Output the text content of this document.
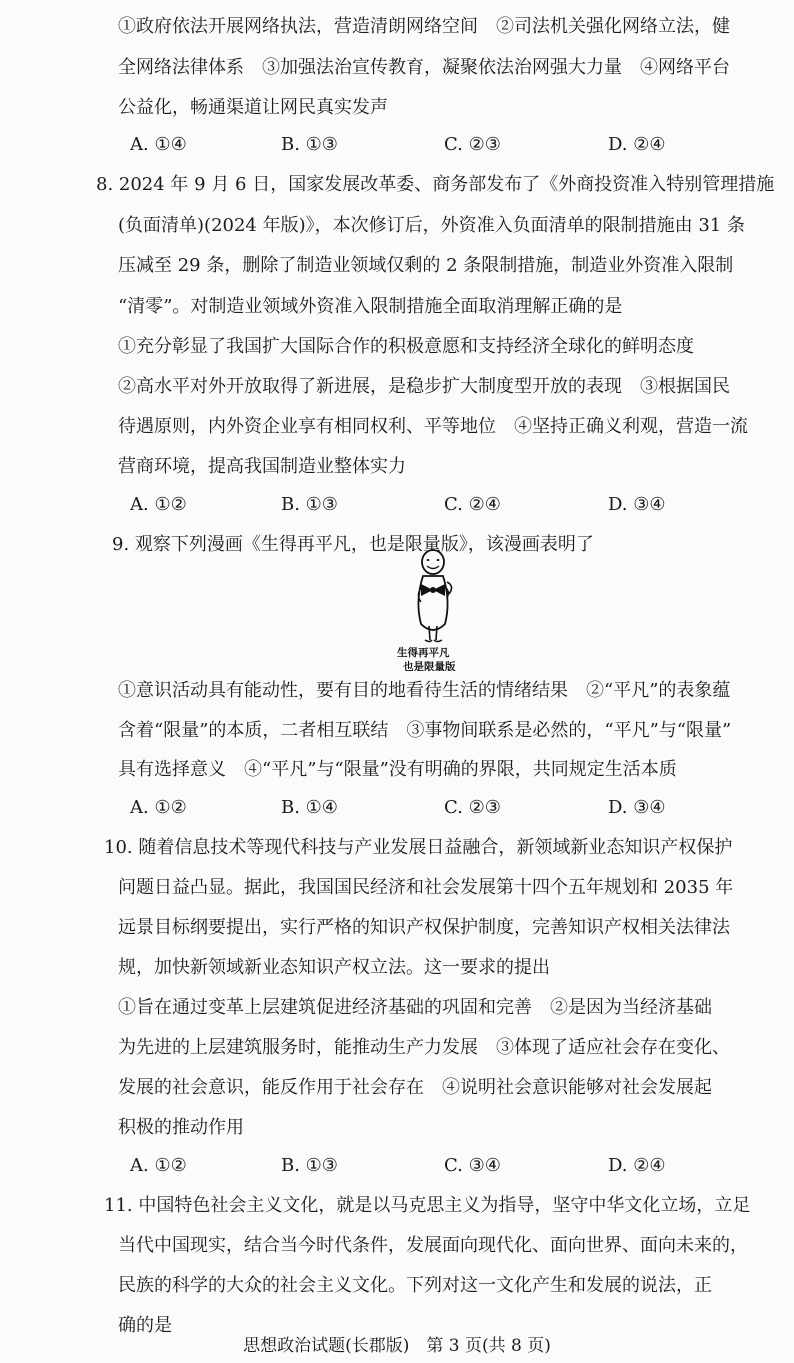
①政府依法开展网络执法，营造清朗网络空间　②司法机关强化网络立法，健
全网络法律体系　③加强法治宣传教育，凝聚依法治网强大力量　④网络平台
公益化，畅通渠道让网民真实发声
A. ①④	B. ①③	C. ②③	D. ②④
8. 2024 年 9 月 6 日，国家发展改革委、商务部发布了《外商投资准入特别管理措施
(负面清单)(2024 年版)》，本次修订后，外资准入负面清单的限制措施由 31 条
压减至 29 条，删除了制造业领域仅剩的 2 条限制措施，制造业外资准入限制
“清零”。对制造业领域外资准入限制措施全面取消理解正确的是
①充分彰显了我国扩大国际合作的积极意愿和支持经济全球化的鲜明态度
②高水平对外开放取得了新进展，是稳步扩大制度型开放的表现　③根据国民
待遇原则，内外资企业享有相同权利、平等地位　④坚持正确义利观，营造一流
营商环境，提高我国制造业整体实力
A. ①②	B. ①③	C. ②④	D. ③④
9. 观察下列漫画《生得再平凡，也是限量版》，该漫画表明了
生得再平凡
也是限量版
①意识活动具有能动性，要有目的地看待生活的情绪结果　②“平凡”的表象蕴
含着“限量”的本质，二者相互联结　③事物间联系是必然的，“平凡”与“限量”
具有选择意义　④“平凡”与“限量”没有明确的界限，共同规定生活本质
A. ①②	B. ①④	C. ②③	D. ③④
10. 随着信息技术等现代科技与产业发展日益融合，新领域新业态知识产权保护
问题日益凸显。据此，我国国民经济和社会发展第十四个五年规划和 2035 年
远景目标纲要提出，实行严格的知识产权保护制度，完善知识产权相关法律法
规，加快新领域新业态知识产权立法。这一要求的提出
①旨在通过变革上层建筑促进经济基础的巩固和完善　②是因为当经济基础
为先进的上层建筑服务时，能推动生产力发展　③体现了适应社会存在变化、
发展的社会意识，能反作用于社会存在　④说明社会意识能够对社会发展起
积极的推动作用
A. ①②	B. ①③	C. ③④	D. ②④
11. 中国特色社会主义文化，就是以马克思主义为指导，坚守中华文化立场，立足
当代中国现实，结合当今时代条件，发展面向现代化、面向世界、面向未来的，
民族的科学的大众的社会主义文化。下列对这一文化产生和发展的说法，正
确的是
思想政治试题(长郡版)　第 3 页(共 8 页)
